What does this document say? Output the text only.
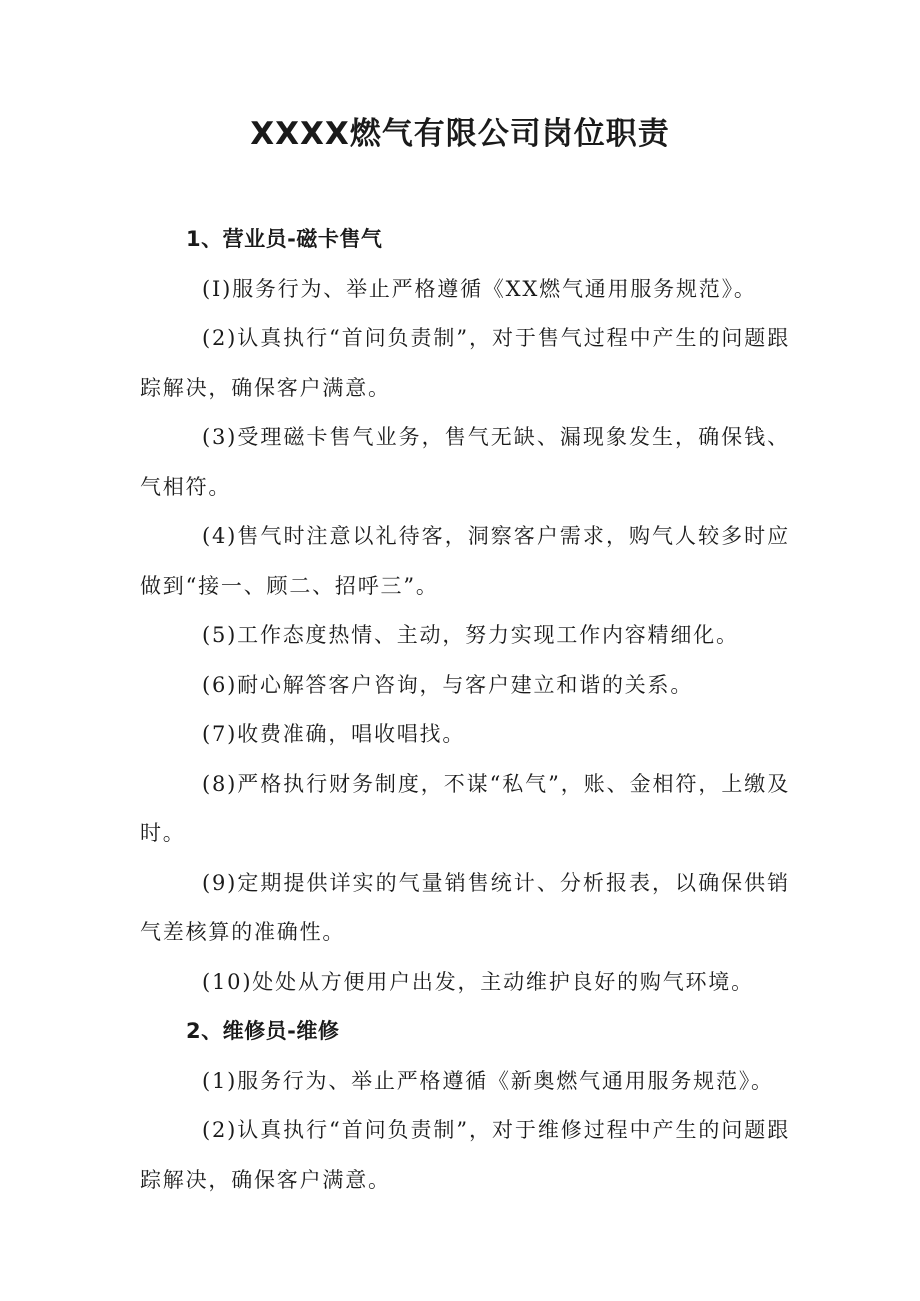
XXXX燃气有限公司岗位职责

1、营业员-磁卡售气

(I)服务行为、举止严格遵循《XX燃气通用服务规范》。

(2)认真执行“首问负责制”，对于售气过程中产生的问题跟踪解决，确保客户满意。

(3)受理磁卡售气业务，售气无缺、漏现象发生，确保钱、气相符。

(4)售气时注意以礼待客，洞察客户需求，购气人较多时应做到“接一、顾二、招呼三”。

(5)工作态度热情、主动，努力实现工作内容精细化。

(6)耐心解答客户咨询，与客户建立和谐的关系。

(7)收费准确，唱收唱找。

(8)严格执行财务制度，不谋“私气”，账、金相符，上缴及时。

(9)定期提供详实的气量销售统计、分析报表，以确保供销气差核算的准确性。

(10)处处从方便用户出发，主动维护良好的购气环境。

2、维修员-维修

(1)服务行为、举止严格遵循《新奥燃气通用服务规范》。

(2)认真执行“首问负责制”，对于维修过程中产生的问题跟踪解决，确保客户满意。
